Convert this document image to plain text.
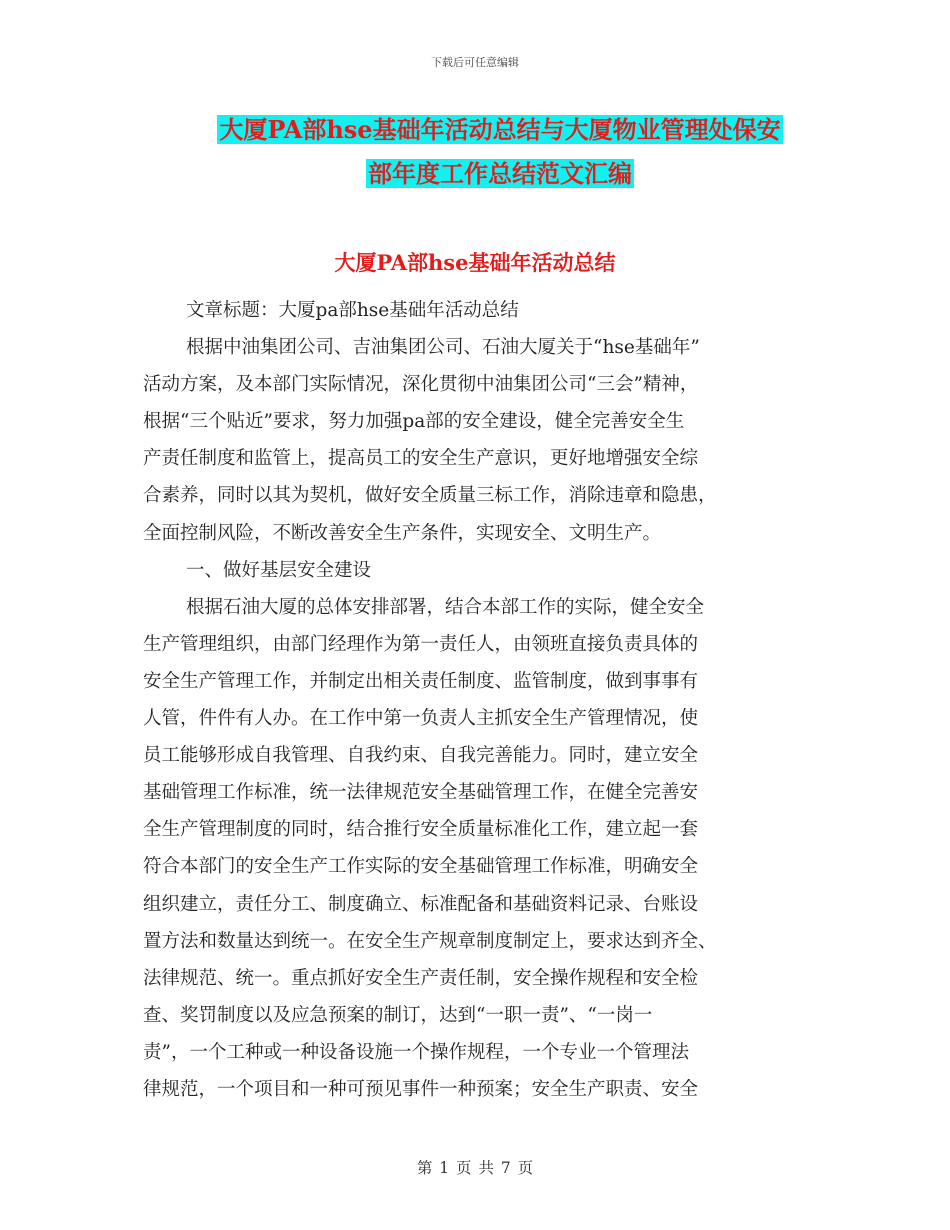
下载后可任意编辑
大厦PA部hse基础年活动总结与大厦物业管理处保安
部年度工作总结范文汇编
大厦PA部hse基础年活动总结
文章标题：大厦pa部hse基础年活动总结
根据中油集团公司、吉油集团公司、石油大厦关于“hse基础年”
活动方案，及本部门实际情况，深化贯彻中油集团公司“三会”精神，
根据“三个贴近”要求，努力加强pa部的安全建设，健全完善安全生
产责任制度和监管上，提高员工的安全生产意识，更好地增强安全综
合素养，同时以其为契机，做好安全质量三标工作，消除违章和隐患，
全面控制风险，不断改善安全生产条件，实现安全、文明生产。
一、做好基层安全建设
根据石油大厦的总体安排部署，结合本部工作的实际，健全安全
生产管理组织，由部门经理作为第一责任人，由领班直接负责具体的
安全生产管理工作，并制定出相关责任制度、监管制度，做到事事有
人管，件件有人办。在工作中第一负责人主抓安全生产管理情况，使
员工能够形成自我管理、自我约束、自我完善能力。同时，建立安全
基础管理工作标准，统一法律规范安全基础管理工作，在健全完善安
全生产管理制度的同时，结合推行安全质量标准化工作，建立起一套
符合本部门的安全生产工作实际的安全基础管理工作标准，明确安全
组织建立，责任分工、制度确立、标准配备和基础资料记录、台账设
置方法和数量达到统一。在安全生产规章制度制定上，要求达到齐全、
法律规范、统一。重点抓好安全生产责任制，安全操作规程和安全检
查、奖罚制度以及应急预案的制订，达到“一职一责”、“一岗一
责”，一个工种或一种设备设施一个操作规程，一个专业一个管理法
律规范，一个项目和一种可预见事件一种预案；安全生产职责、安全
第 1 页 共 7 页
